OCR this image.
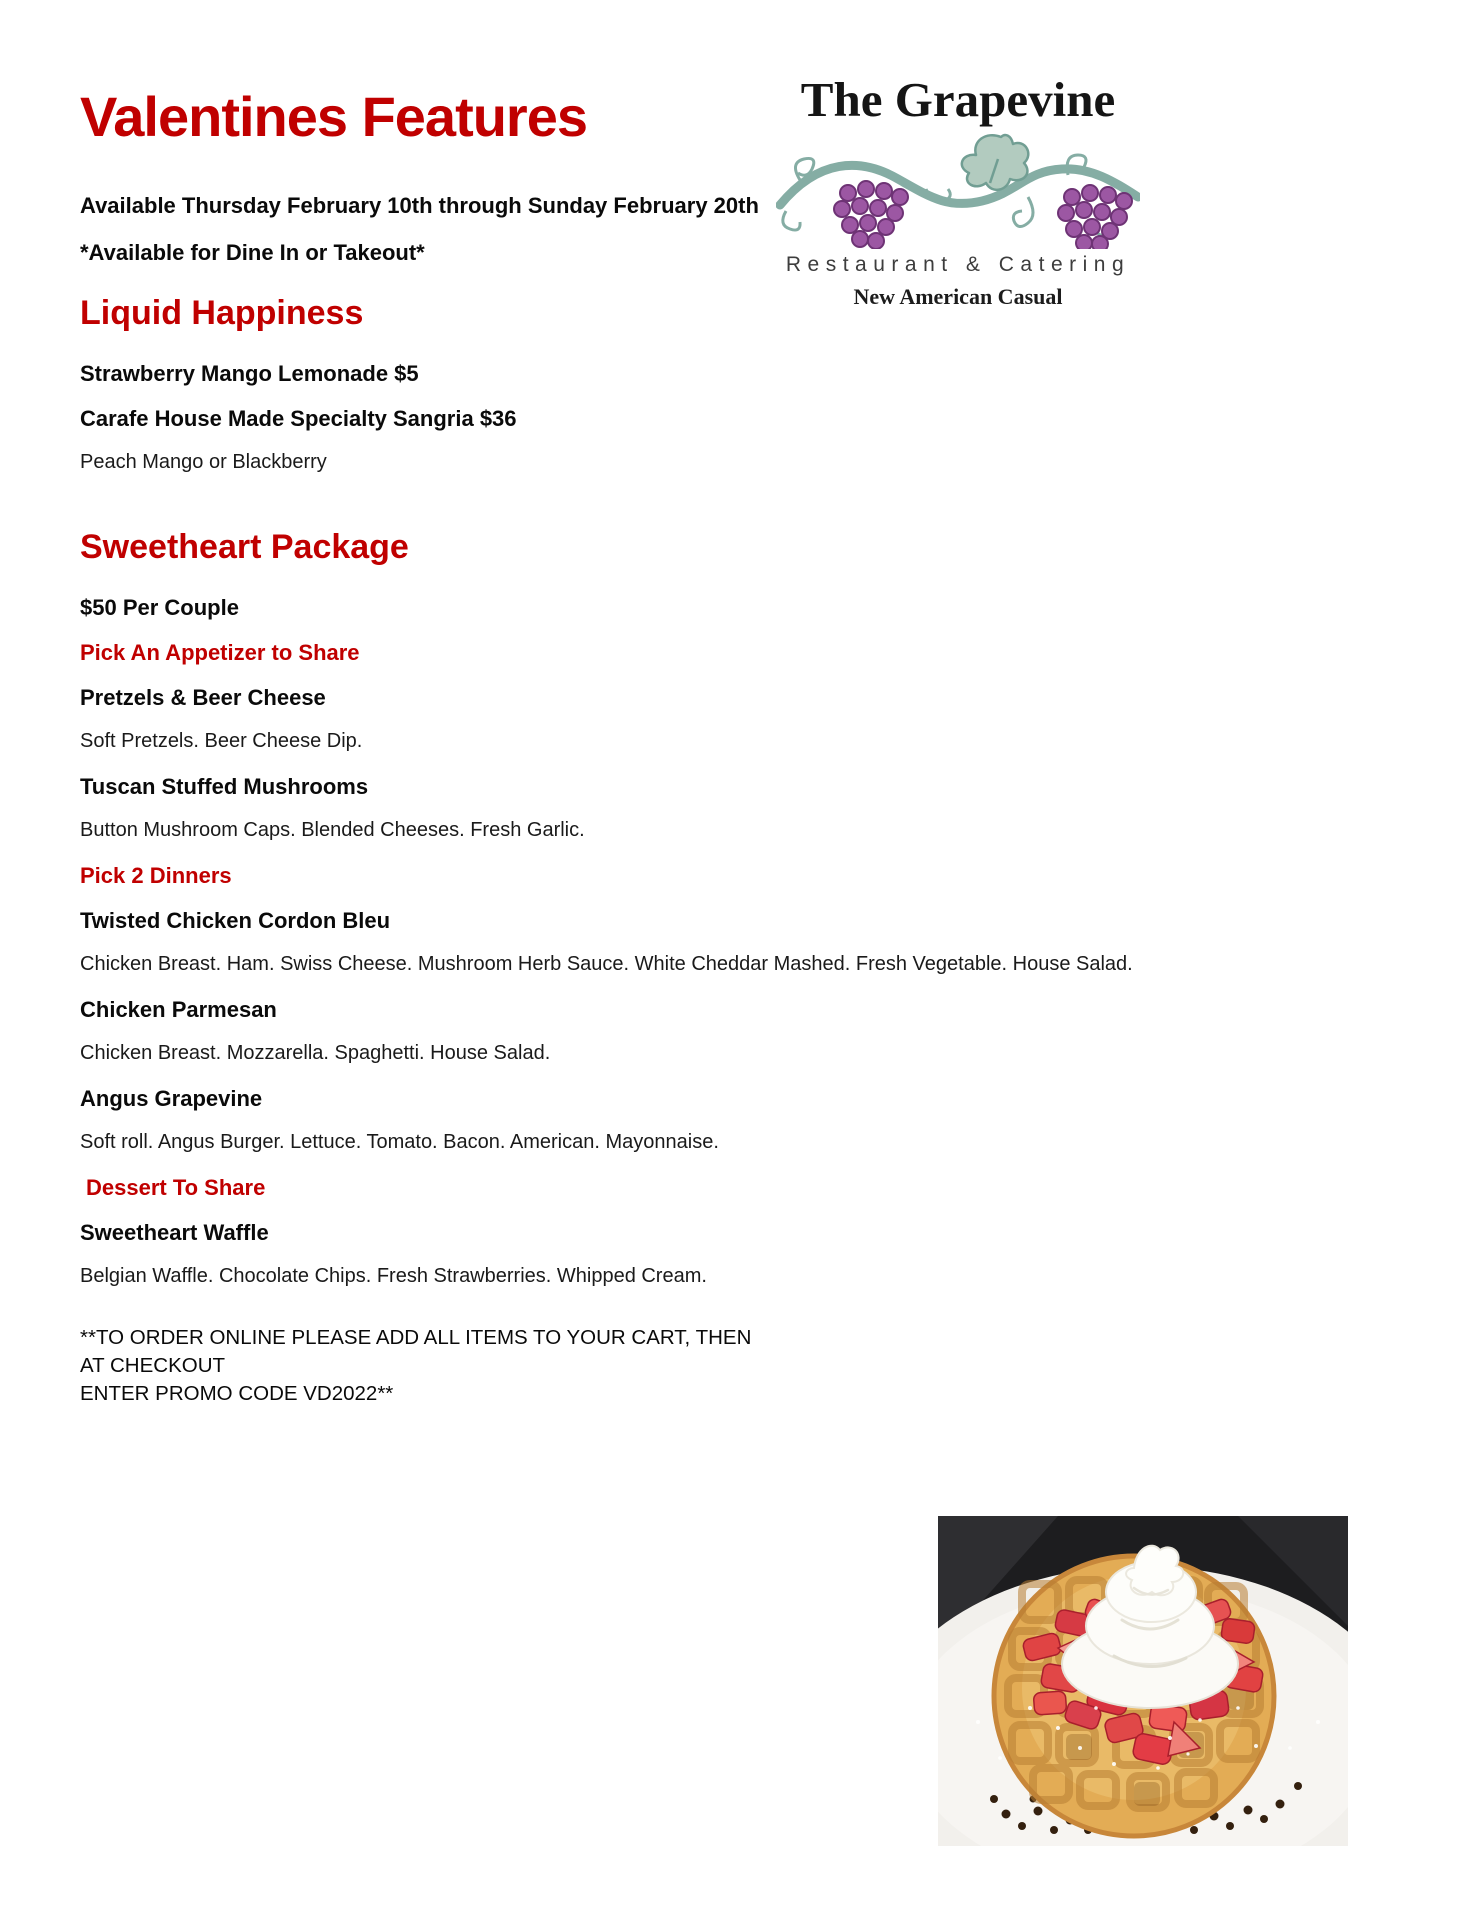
The Grapevine
Restaurant & Catering
New American Casual
Valentines Features

Available Thursday February 10th through Sunday February 20th

*Available for Dine In or Takeout*

Liquid Happiness

Strawberry Mango Lemonade $5

Carafe House Made Specialty Sangria $36

Peach Mango or Blackberry

Sweetheart Package

$50 Per Couple

Pick An Appetizer to Share

Pretzels & Beer Cheese

Soft Pretzels. Beer Cheese Dip.

Tuscan Stuffed Mushrooms

Button Mushroom Caps. Blended Cheeses. Fresh Garlic.

Pick 2 Dinners

Twisted Chicken Cordon Bleu

Chicken Breast. Ham. Swiss Cheese. Mushroom Herb Sauce. White Cheddar Mashed. Fresh Vegetable. House Salad.

Chicken Parmesan

Chicken Breast. Mozzarella. Spaghetti. House Salad.

Angus Grapevine

Soft roll. Angus Burger. Lettuce. Tomato. Bacon. American. Mayonnaise.

Dessert To Share

Sweetheart Waffle

Belgian Waffle. Chocolate Chips. Fresh Strawberries. Whipped Cream.

**TO ORDER ONLINE PLEASE ADD ALL ITEMS TO YOUR CART, THEN AT CHECKOUT
ENTER PROMO CODE VD2022**
